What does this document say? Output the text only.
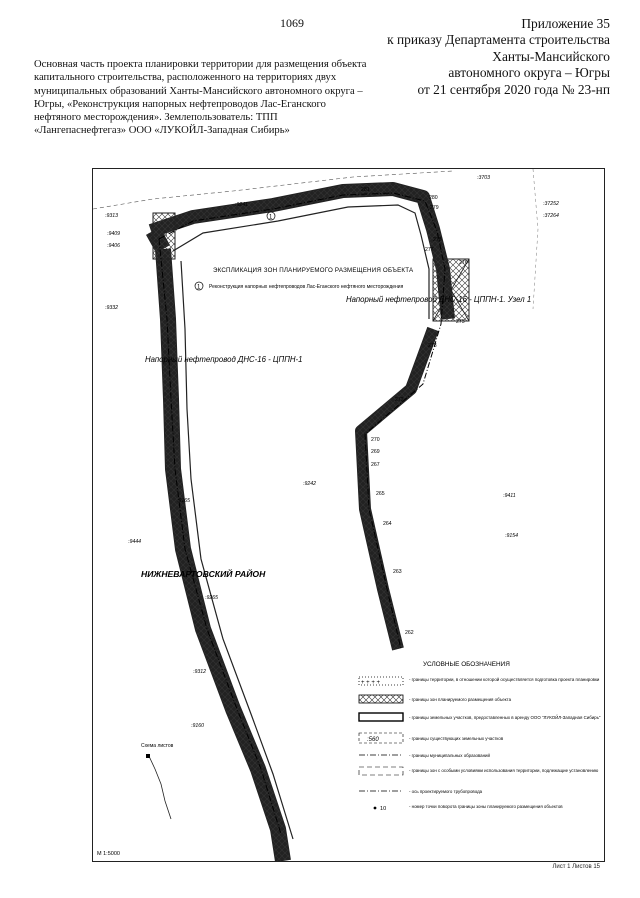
1069	Приложение 35
к приказу Департамента строительства
Ханты-Мансийского
автономного округа – Югры
от 21 сентября 2020 года № 23-нп
Основная часть проекта планировки территории для размещения объекта
капитального строительства, расположенного на территориях двух
муниципальных образований Ханты-Мансийского автономного округа –
Югры, «Реконструкция напорных нефтепроводов Лас-Еганского
нефтяного месторождения». Землепользователь: ТПП
«Лангепаснефтегаз» ООО «ЛУКОЙЛ-Западная Сибирь»
ЭКСПЛИКАЦИЯ ЗОН ПЛАНИРУЕМОГО РАЗМЕЩЕНИЯ ОБЪЕКТА
1 Реконструкция напорных нефтепроводов Лас-Еганского нефтяного месторождения
1
Напорный нефтепровод ДНС-16 - ЦППН-1. Узел 1
Напорный нефтепровод ДНС-16 - ЦППН-1
НИЖНЕВАРТОВСКИЙ РАЙОН
:9313
:9241
:3703
:37252
:37264
:9409
:9406
:9332
:9242
:9411
:9154
:9444
:9312
:9160
:9165
:9265
281
280
279
278
277
276
275
273
272
270
269
267
265
264
263
262
УСЛОВНЫЕ ОБОЗНАЧЕНИЯ
+ + + +
- границы территории, в отношении которой осуществляется подготовка проекта планировки
- границы зон планируемого размещения объекта
- границы земельных участков, предоставленных в аренду ООО "ЛУКОЙЛ-Западная Сибирь"
:560	- границы существующих земельных участков
- границы муниципальных образований
- границы зон с особыми условиями использования территории, подлежащие установлению
- ось проектируемого трубопровода
10	- номер точки поворота границы зоны планируемого размещения объектов
Схема листов
М 1:5000
Лист 1 Листов 15
